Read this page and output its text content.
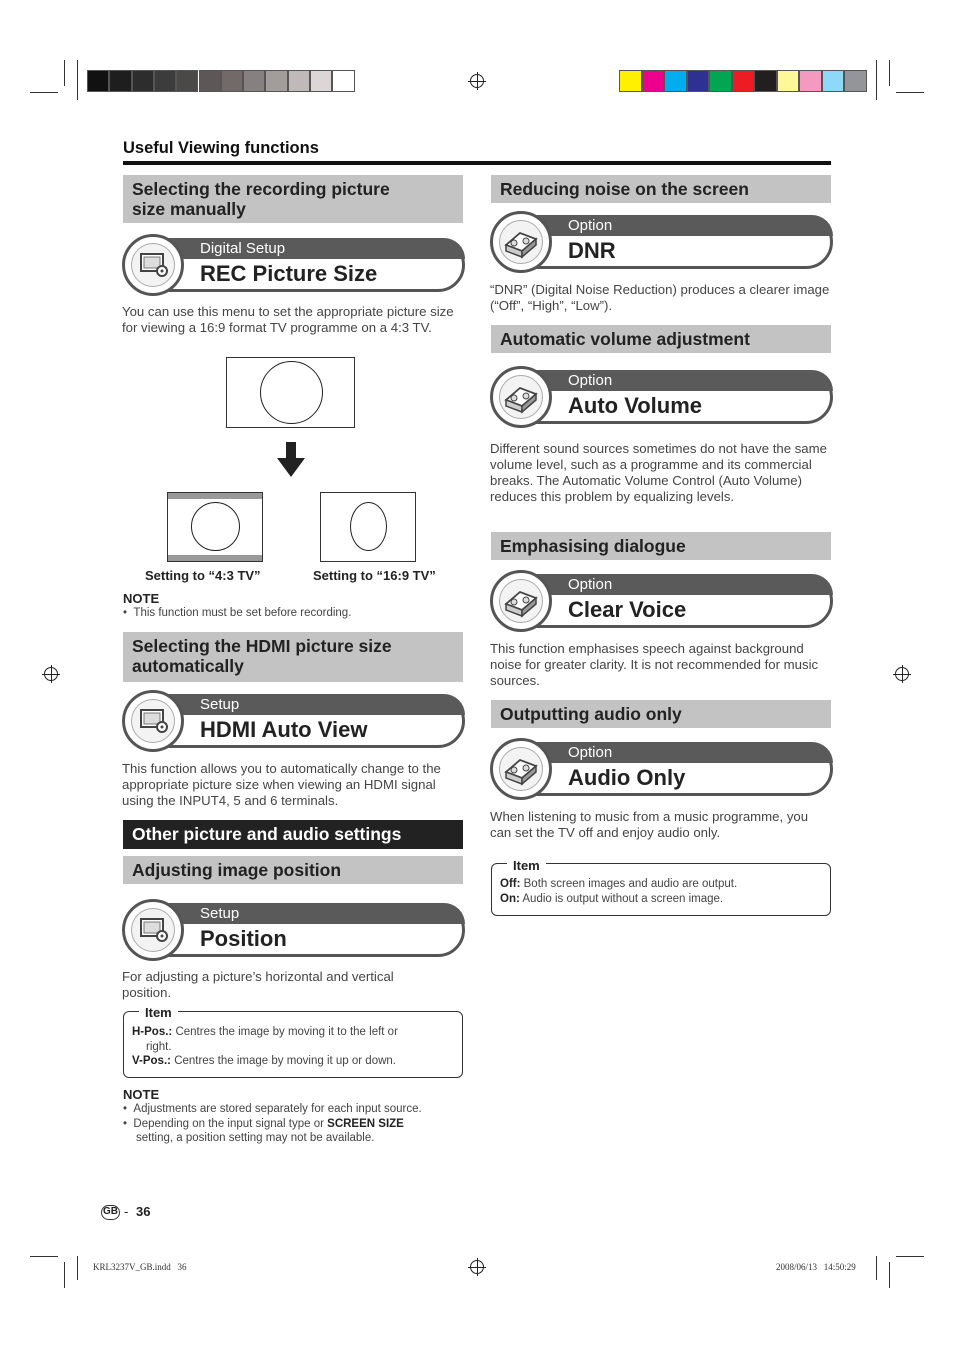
Useful Viewing functions
Selecting the recording picture
size manually
Digital Setup
REC Picture Size
You can use this menu to set the appropriate picture size for viewing a 16:9 format TV programme on a 4:3 TV.
Setting to “4:3 TV”	Setting to “16:9 TV”
NOTE
•  This function must be set before recording.
Selecting the HDMI picture size
automatically
Setup
HDMI Auto View
This function allows you to automatically change to the appropriate picture size when viewing an HDMI signal using the INPUT4, 5 and 6 terminals.
Other picture and audio settings
Adjusting image position
Setup
Position
For adjusting a picture’s horizontal and vertical position.
Item
H-Pos.: Centres the image by moving it to the left or
right.
V-Pos.: Centres the image by moving it up or down.
NOTE
•  Adjustments are stored separately for each input source.
•  Depending on the input signal type or SCREEN SIZE
setting, a position setting may not be available.
Reducing noise on the screen
Option
DNR
“DNR” (Digital Noise Reduction) produces a clearer image (“Off”, “High”, “Low”).
Automatic volume adjustment
Option
Auto Volume
Different sound sources sometimes do not have the same volume level, such as a programme and its commercial breaks. The Automatic Volume Control (Auto Volume) reduces this problem by equalizing levels.
Emphasising dialogue
Option
Clear Voice
This function emphasises speech against background noise for greater clarity. It is not recommended for music sources.
Outputting audio only
Option
Audio Only
When listening to music from a music programme, you can set the TV off and enjoy audio only.
Item
Off: Both screen images and audio are output.
On: Audio is output without a screen image.
GB - 36
KRL3237V_GB.indd   36	2008/06/13   14:50:29
